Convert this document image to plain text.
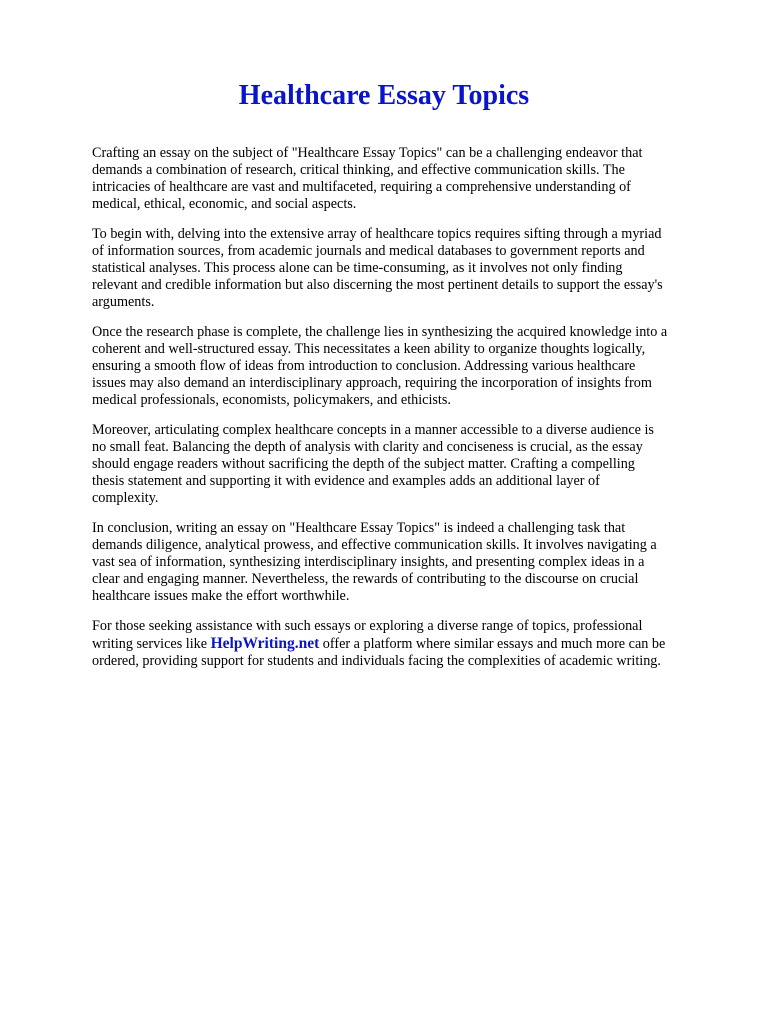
Healthcare Essay Topics

Crafting an essay on the subject of "Healthcare Essay Topics" can be a challenging endeavor that
demands a combination of research, critical thinking, and effective communication skills. The
intricacies of healthcare are vast and multifaceted, requiring a comprehensive understanding of
medical, ethical, economic, and social aspects.

To begin with, delving into the extensive array of healthcare topics requires sifting through a myriad
of information sources, from academic journals and medical databases to government reports and
statistical analyses. This process alone can be time-consuming, as it involves not only finding
relevant and credible information but also discerning the most pertinent details to support the essay's
arguments.

Once the research phase is complete, the challenge lies in synthesizing the acquired knowledge into a
coherent and well-structured essay. This necessitates a keen ability to organize thoughts logically,
ensuring a smooth flow of ideas from introduction to conclusion. Addressing various healthcare
issues may also demand an interdisciplinary approach, requiring the incorporation of insights from
medical professionals, economists, policymakers, and ethicists.

Moreover, articulating complex healthcare concepts in a manner accessible to a diverse audience is
no small feat. Balancing the depth of analysis with clarity and conciseness is crucial, as the essay
should engage readers without sacrificing the depth of the subject matter. Crafting a compelling
thesis statement and supporting it with evidence and examples adds an additional layer of
complexity.

In conclusion, writing an essay on "Healthcare Essay Topics" is indeed a challenging task that
demands diligence, analytical prowess, and effective communication skills. It involves navigating a
vast sea of information, synthesizing interdisciplinary insights, and presenting complex ideas in a
clear and engaging manner. Nevertheless, the rewards of contributing to the discourse on crucial
healthcare issues make the effort worthwhile.

For those seeking assistance with such essays or exploring a diverse range of topics, professional
writing services like HelpWriting.net offer a platform where similar essays and much more can be
ordered, providing support for students and individuals facing the complexities of academic writing.
